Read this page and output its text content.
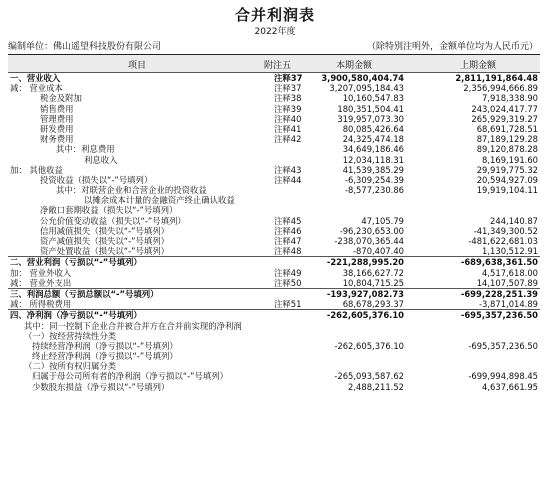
合并利润表
2022年度
编制单位：佛山遥望科技股份有限公司	（除特别注明外，金额单位均为人民币元）
项目	附注五	本期金额	上期金额
一、营业收入	注释37 3,900,580,404.74	2,811,191,864.48
减： 营业成本	注释37	3,207,095,184.43	2,356,994,666.89
税金及附加	注释38	10,160,547.83	7,918,338.90
销售费用	注释39	180,351,504.41	243,024,417.77
管理费用	注释40	319,957,073.30	265,929,319.27
研发费用	注释41	80,085,426.64	68,691,728.51
财务费用	注释42	24,325,474.18	87,189,129.28
其中：利息费用	34,649,186.46	89,120,878.28
利息收入	12,034,118.31	8,169,191.60
加： 其他收益	注释43	41,539,385.29	29,919,775.32
投资收益（损失以“-”号填列）	注释44	-6,309,254.39	20,594,927.09
其中：对联营企业和合营企业的投资收益	-8,577,230.86	19,919,104.11
以摊余成本计量的金融资产终止确认收益
净敞口套期收益（损失以“-”号填列）
公允价值变动收益（损失以“-”号填列）	注释45	47,105.79	244,140.87
信用减值损失（损失以“-”号填列）	注释46	-96,230,653.00	-41,349,300.52
资产减值损失（损失以“-”号填列）	注释47	-238,070,365.44	-481,622,681.03
资产处置收益（损失以“-”号填列）	注释48	-870,407.40	1,130,512.91
二、营业利润（亏损以“-”号填列）	-221,288,995.20	-689,638,361.50
加： 营业外收入	注释49	38,166,627.72	4,517,618.00
减： 营业外支出	注释50	10,804,715.25	14,107,507.89
三、利润总额（亏损总额以“-”号填列）	-193,927,082.73	-699,228,251.39
减： 所得税费用	注释51	68,678,293.37	-3,871,014.89
四、净利润（净亏损以“-”号填列）	-262,605,376.10	-695,357,236.50
其中：同一控制下企业合并被合并方在合并前实现的净利润
（一）按经营持续性分类
持续经营净利润（净亏损以“-”号填列）	-262,605,376.10	-695,357,236.50
终止经营净利润（净亏损以“-”号填列）
（二）按所有权归属分类
归属于母公司所有者的净利润（净亏损以“-”号填列）	-265,093,587.62	-699,994,898.45
少数股东损益（净亏损以“-”号填列）	2,488,211.52	4,637,661.95
